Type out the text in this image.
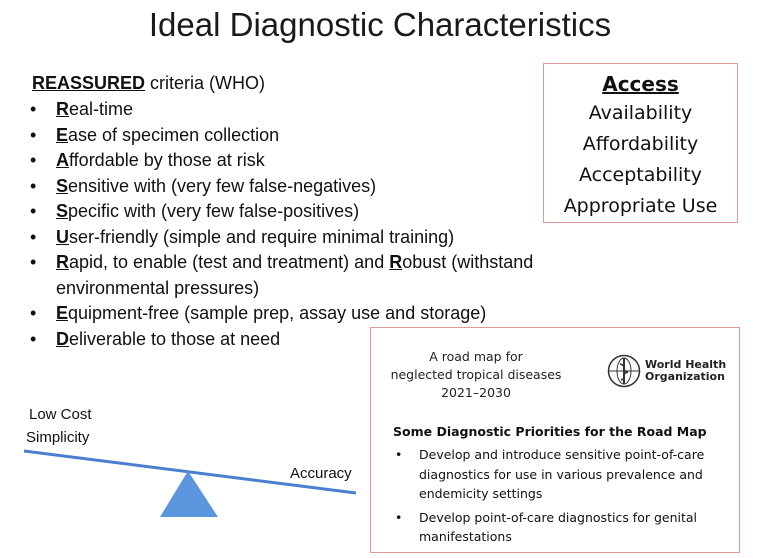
Ideal Diagnostic Characteristics
REASSURED criteria (WHO)
• Real-time
• Ease of specimen collection
• Affordable by those at risk
• Sensitive with (very few false-negatives)
• Specific with (very few false-positives)
• User-friendly (simple and require minimal training)
• Rapid, to enable (test and treatment) and Robust (withstand environmental pressures)
• Equipment-free (sample prep, assay use and storage)
• Deliverable to those at need
Access
Availability
Affordability
Acceptability
Appropriate Use
Low Cost
Simplicity
Accuracy
A road map for
neglected tropical diseases
2021–2030
World Health
Organization
Some Diagnostic Priorities for the Road Map
• Develop and introduce sensitive point-of-care diagnostics for use in various prevalence and endemicity settings
• Develop point-of-care diagnostics for genital manifestations
